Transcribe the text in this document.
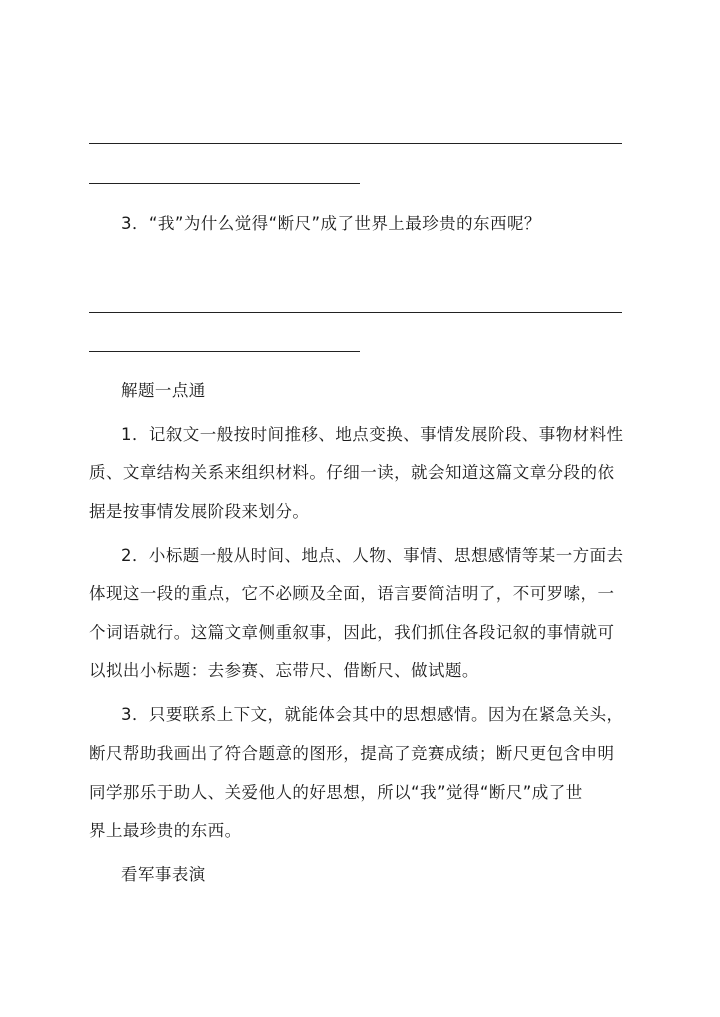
3．“我”为什么觉得“断尺”成了世界上最珍贵的东西呢？
解题一点通
1．记叙文一般按时间推移、地点变换、事情发展阶段、事物材料性
质、文章结构关系来组织材料。仔细一读，就会知道这篇文章分段的依
据是按事情发展阶段来划分。
2．小标题一般从时间、地点、人物、事情、思想感情等某一方面去
体现这一段的重点，它不必顾及全面，语言要简洁明了，不可罗嗦，一
个词语就行。这篇文章侧重叙事，因此，我们抓住各段记叙的事情就可
以拟出小标题：去参赛、忘带尺、借断尺、做试题。
3．只要联系上下文，就能体会其中的思想感情。因为在紧急关头，
断尺帮助我画出了符合题意的图形，提高了竞赛成绩；断尺更包含申明
同学那乐于助人、关爱他人的好思想，所以“我”觉得“断尺”成了世
界上最珍贵的东西。
看军事表演
